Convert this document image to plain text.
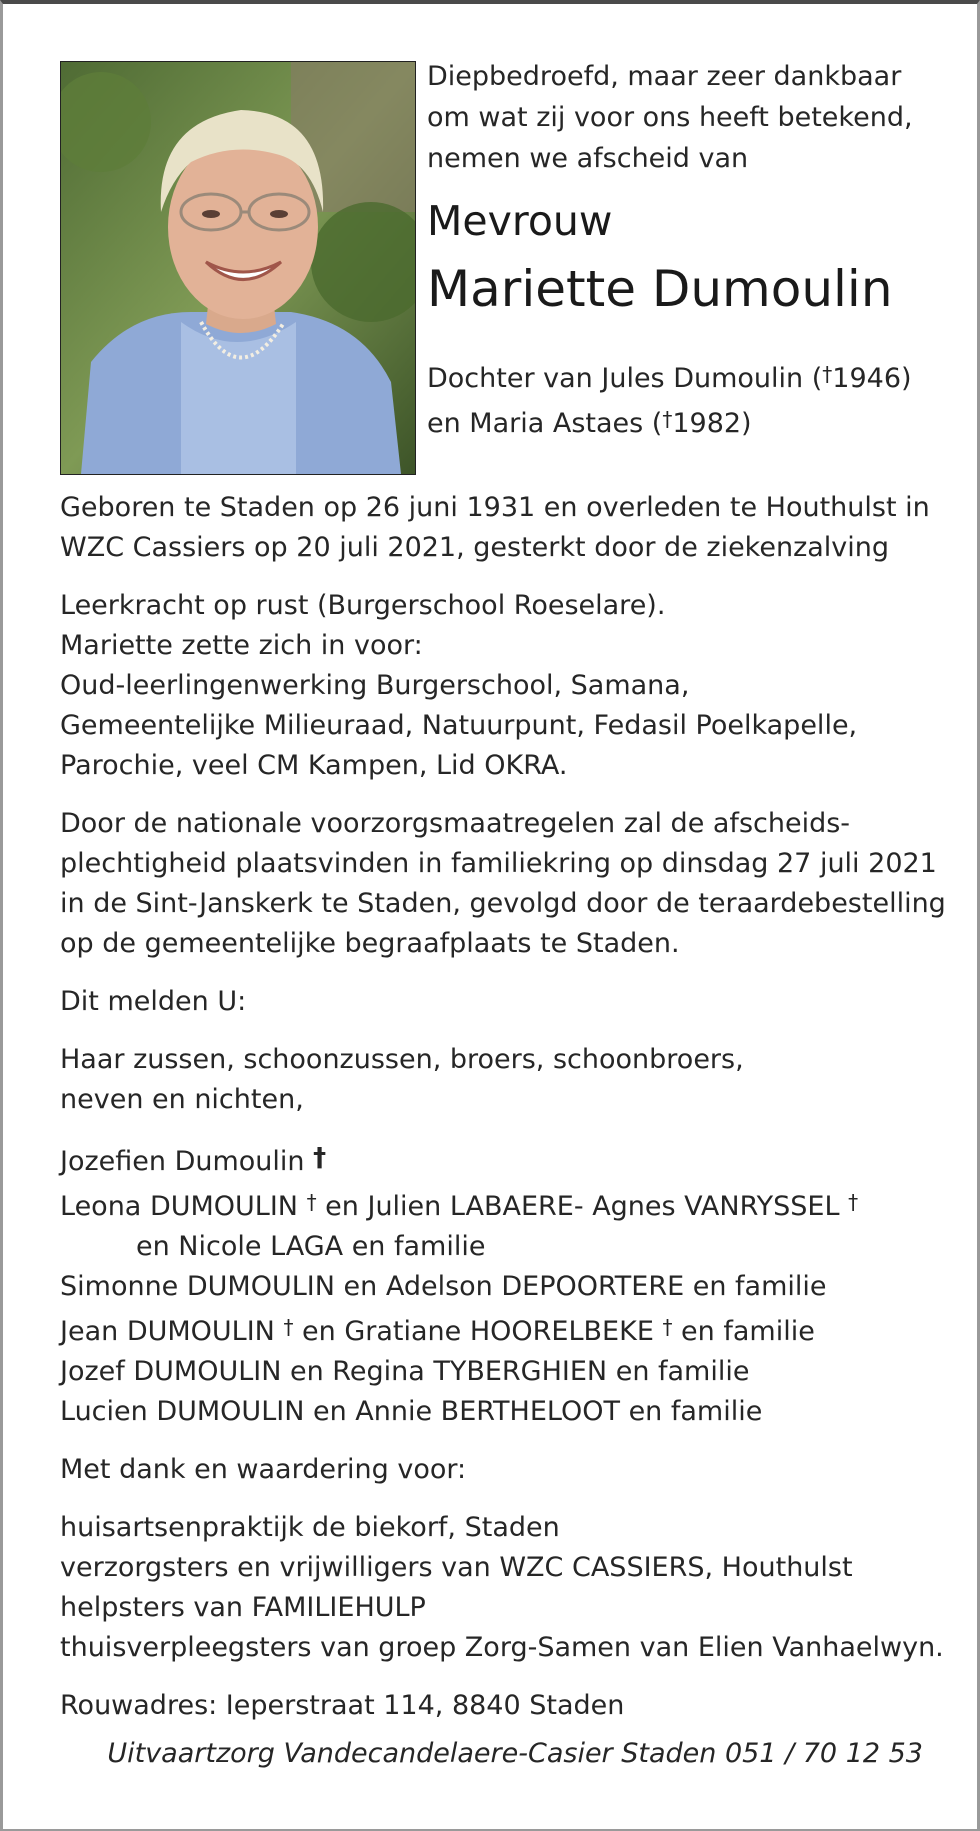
Diepbedroefd, maar zeer dankbaar
om wat zij voor ons heeft betekend,
nemen we afscheid van
Mevrouw
Mariette Dumoulin
Dochter van Jules Dumoulin (†1946)
en Maria Astaes (†1982)

Geboren te Staden op 26 juni 1931 en overleden te Houthulst in
WZC Cassiers op 20 juli 2021, gesterkt door de ziekenzalving

Leerkracht op rust (Burgerschool Roeselare).
Mariette zette zich in voor:
Oud-leerlingenwerking Burgerschool, Samana,
Gemeentelijke Milieuraad, Natuurpunt, Fedasil Poelkapelle,
Parochie, veel CM Kampen, Lid OKRA.

Door de nationale voorzorgsmaatregelen zal de afscheids-
plechtigheid plaatsvinden in familiekring op dinsdag 27 juli 2021
in de Sint-Janskerk te Staden, gevolgd door de teraardebestelling
op de gemeentelijke begraafplaats te Staden.

Dit melden U:

Haar zussen, schoonzussen, broers, schoonbroers,
neven en nichten,

Jozefien Dumoulin †
Leona DUMOULIN † en Julien LABAERE- Agnes VANRYSSEL †
en Nicole LAGA en familie
Simonne DUMOULIN en Adelson DEPOORTERE en familie
Jean DUMOULIN † en Gratiane HOORELBEKE † en familie
Jozef DUMOULIN en Regina TYBERGHIEN en familie
Lucien DUMOULIN en Annie BERTHELOOT en familie

Met dank en waardering voor:

huisartsenpraktijk de biekorf, Staden
verzorgsters en vrijwilligers van WZC CASSIERS, Houthulst
helpsters van FAMILIEHULP
thuisverpleegsters van groep Zorg-Samen van Elien Vanhaelwyn.

Rouwadres: Ieperstraat 114, 8840 Staden

Uitvaartzorg Vandecandelaere-Casier Staden 051 / 70 12 53
